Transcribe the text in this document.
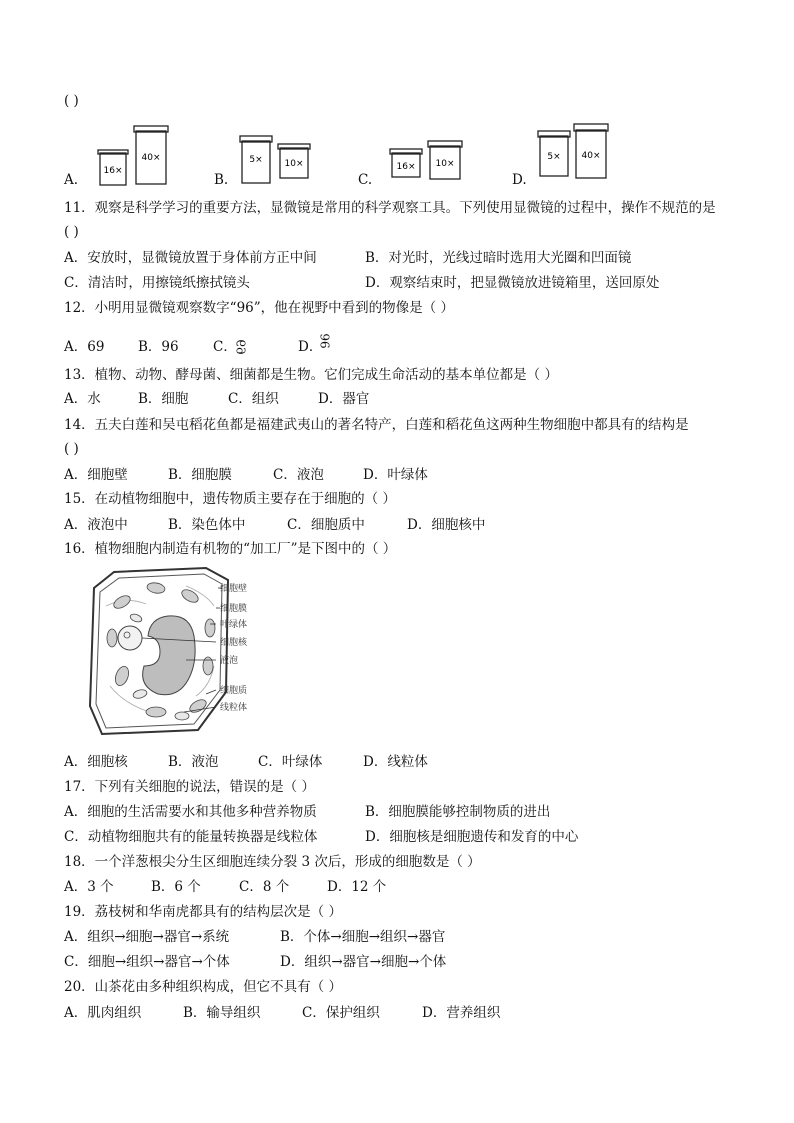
( )
A.
16×
40×
B.
5× 10×
C.
16× 10×
D.
5× 40×
11．观察是科学学习的重要方法，显微镜是常用的科学观察工具。下列使用显微镜的过程中，操作不规范的是
( )
A．安放时，显微镜放置于身体前方正中间	B．对光时，光线过暗时选用大光圈和凹面镜
C．清洁时，用擦镜纸擦拭镜头	D．观察结束时，把显微镜放进镜箱里，送回原处
12．小明用显微镜观察数字“96”，他在视野中看到的物像是（ ）
A．69 B．96	C．69	D．96
13．植物、动物、酵母菌、细菌都是生物。它们完成生命活动的基本单位都是（ ）
A．水	B．细胞	C．组织	D．器官
14．五夫白莲和吴屯稻花鱼都是福建武夷山的著名特产，白莲和稻花鱼这两种生物细胞中都具有的结构是
( )
A．细胞壁	B．细胞膜	C．液泡	D．叶绿体
15．在动植物细胞中，遗传物质主要存在于细胞的（ ）
A．液泡中	B．染色体中	C．细胞质中	D．细胞核中
16．植物细胞内制造有机物的“加工厂”是下图中的（ ）
细胞壁
细胞膜
叶绿体
细胞核
液泡
细胞质
线粒体
A．细胞核	B．液泡	C．叶绿体	D．线粒体
17．下列有关细胞的说法，错误的是（ ）
A．细胞的生活需要水和其他多种营养物质	B．细胞膜能够控制物质的进出
C．动植物细胞共有的能量转换器是线粒体	D．细胞核是细胞遗传和发育的中心
18．一个洋葱根尖分生区细胞连续分裂 3 次后，形成的细胞数是（ ）
A．3 个	B．6 个	C．8 个	D．12 个
19．荔枝树和华南虎都具有的结构层次是（ ）
A．组织→细胞→器官→系统	B．个体→细胞→组织→器官
C．细胞→组织→器官→个体	D．组织→器官→细胞→个体
20．山茶花由多种组织构成，但它不具有（ ）
A．肌肉组织	B．输导组织	C．保护组织	D．营养组织
